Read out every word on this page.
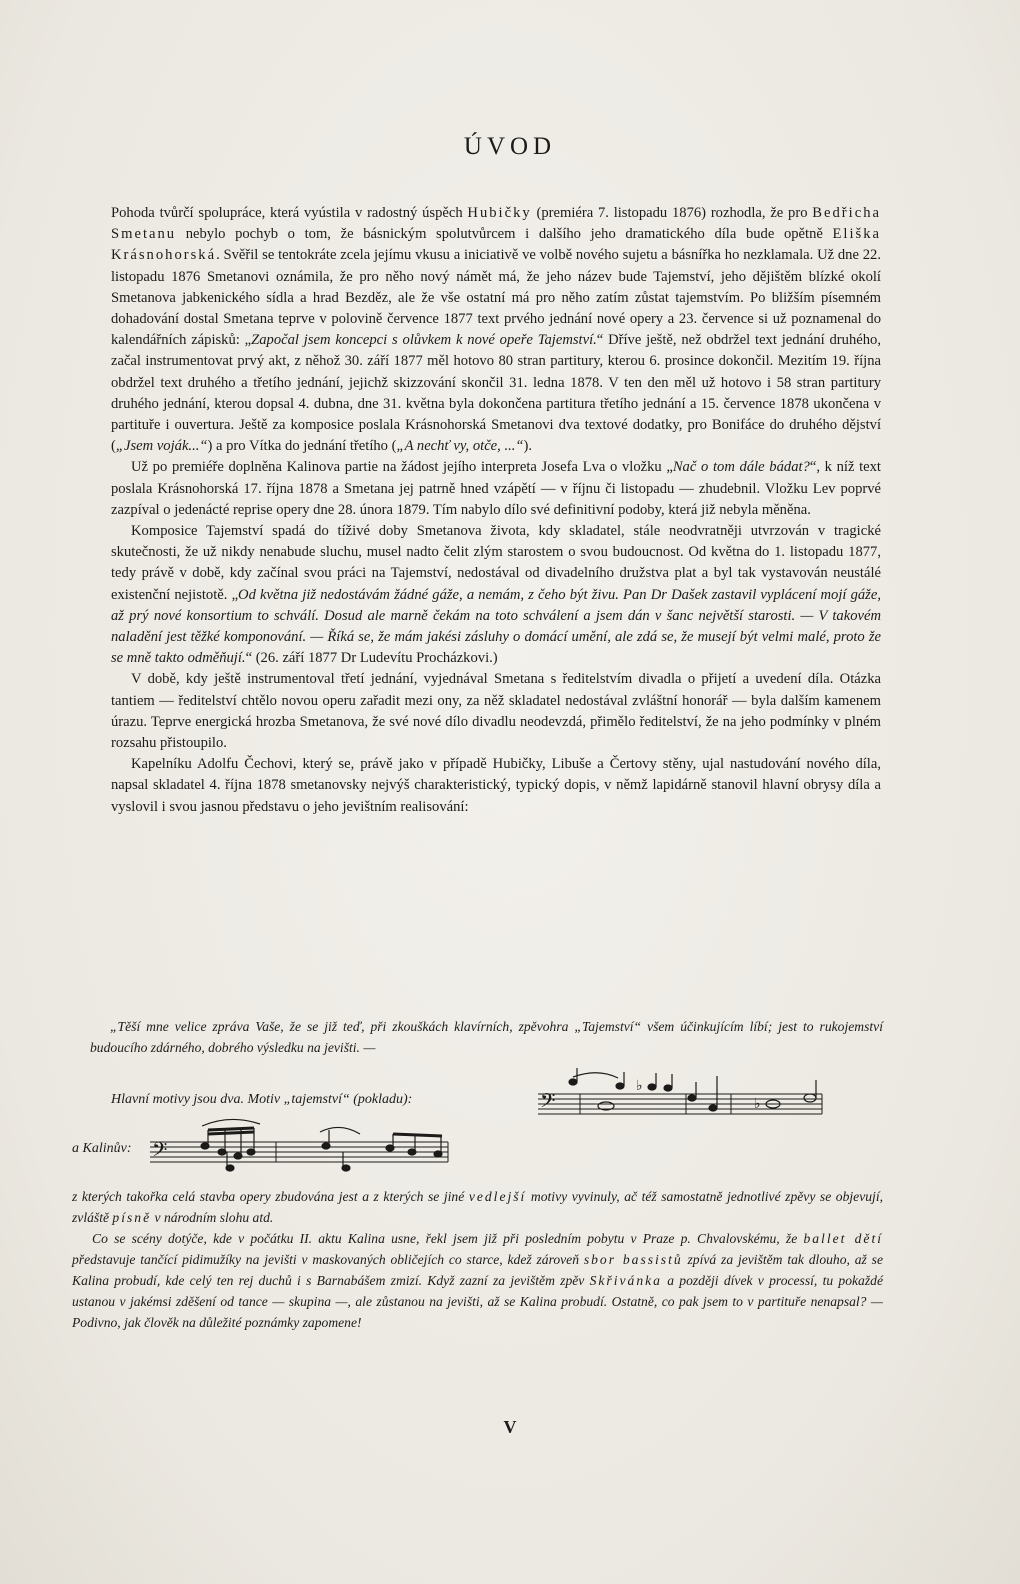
ÚVOD

Pohoda tvůrčí spolupráce, která vyústila v radostný úspěch Hubičky (premiéra 7. listopadu 1876) rozhodla, že pro Bedřicha Smetanu nebylo pochyb o tom, že básnickým spolutvůrcem i dalšího jeho dramatického díla bude opětně Eliška Krásnohorská. Svěřil se tentokráte zcela jejímu vkusu a iniciativě ve volbě nového sujetu a básnířka ho nezklamala. Už dne 22. listopadu 1876 Smetanovi oznámila, že pro něho nový námět má, že jeho název bude Tajemství, jeho dějištěm blízké okolí Smetanova jabkenického sídla a hrad Bezděz, ale že vše ostatní má pro něho zatím zůstat tajemstvím. Po bližším písemném dohadování dostal Smetana teprve v polovině července 1877 text prvého jednání nové opery a 23. července si už poznamenal do kalendářních zápisků: „Započal jsem koncepci s olůvkem k nové opeře Tajemství.“ Dříve ještě, než obdržel text jednání druhého, začal instrumentovat prvý akt, z něhož 30. září 1877 měl hotovo 80 stran partitury, kterou 6. prosince dokončil. Mezitím 19. října obdržel text druhého a třetího jednání, jejichž skizzování skončil 31. ledna 1878. V ten den měl už hotovo i 58 stran partitury druhého jednání, kterou dopsal 4. dubna, dne 31. května byla dokončena partitura třetího jednání a 15. července 1878 ukončena v partituře i ouvertura. Ještě za komposice poslala Krásnohorská Smetanovi dva textové dodatky, pro Bonifáce do druhého dějství („Jsem voják...“) a pro Vítka do jednání třetího („A nechť vy, otče, ...“).

Už po premiéře doplněna Kalinova partie na žádost jejího interpreta Josefa Lva o vložku „Nač o tom dále bádat?“, k níž text poslala Krásnohorská 17. října 1878 a Smetana jej patrně hned vzápětí — v říjnu či listopadu — zhudebnil. Vložku Lev poprvé zazpíval o jedenácté reprise opery dne 28. února 1879. Tím nabylo dílo své definitivní podoby, která již nebyla měněna.

Komposice Tajemství spadá do tíživé doby Smetanova života, kdy skladatel, stále neodvratněji utvrzován v tragické skutečnosti, že už nikdy nenabude sluchu, musel nadto čelit zlým starostem o svou budoucnost. Od května do 1. listopadu 1877, tedy právě v době, kdy začínal svou práci na Tajemství, nedostával od divadelního družstva plat a byl tak vystavován neustálé existenční nejistotě. „Od května již nedostávám žádné gáže, a nemám, z čeho být živu. Pan Dr Dašek zastavil vyplácení mojí gáže, až prý nové konsortium to schválí. Dosud ale marně čekám na toto schválení a jsem dán v šanc největší starosti. — V takovém naladění jest těžké komponování. — Říká se, že mám jakési zásluhy o domácí umění, ale zdá se, že musejí být velmi malé, proto že se mně takto odměňují.“ (26. září 1877 Dr Ludevítu Procházkovi.)

V době, kdy ještě instrumentoval třetí jednání, vyjednával Smetana s ředitelstvím divadla o přijetí a uvedení díla. Otázka tantiem — ředitelství chtělo novou operu zařadit mezi ony, za něž skladatel nedostával zvláštní honorář — byla dalším kamenem úrazu. Teprve energická hrozba Smetanova, že své nové dílo divadlu neodevzdá, přimělo ředitelství, že na jeho podmínky v plném rozsahu přistoupilo.

Kapelníku Adolfu Čechovi, který se, právě jako v případě Hubičky, Libuše a Čertovy stěny, ujal nastudování nového díla, napsal skladatel 4. října 1878 smetanovsky nejvýš charakteristický, typický dopis, v němž lapidárně stanovil hlavní obrysy díla a vyslovil i svou jasnou představu o jeho jevištním realisování:

„Těší mne velice zpráva Vaše, že se již teď, při zkouškách klavírních, zpěvohra „Tajemství“ všem účinkujícím líbí; jest to rukojemství budoucího zdárného, dobrého výsledku na jevišti. —

Hlavní motivy jsou dva. Motiv „tajemství“ (pokladu):	𝄢
♭
♭
a Kalinův: 𝄢

z kterých takořka celá stavba opery zbudována jest a z kterých se jiné vedlejší motivy vyvinuly, ač též samostatně jednotlivé zpěvy se objevují, zvláště písně v národním slohu atd.

Co se scény dotýče, kde v počátku II. aktu Kalina usne, řekl jsem již při posledním pobytu v Praze p. Chvalovskému, že ballet dětí představuje tančící pidimužíky na jevišti v maskovaných obličejích co starce, kdež zároveň sbor bassistů zpívá za jevištěm tak dlouho, až se Kalina probudí, kde celý ten rej duchů i s Barnabášem zmizí. Když zazní za jevištěm zpěv Skřivánka a později dívek v processí, tu pokaždé ustanou v jakémsi zděšení od tance — skupina —, ale zůstanou na jevišti, až se Kalina probudí. Ostatně, co pak jsem to v partituře nenapsal? — Podivno, jak člověk na důležité poznámky zapomene!

V
